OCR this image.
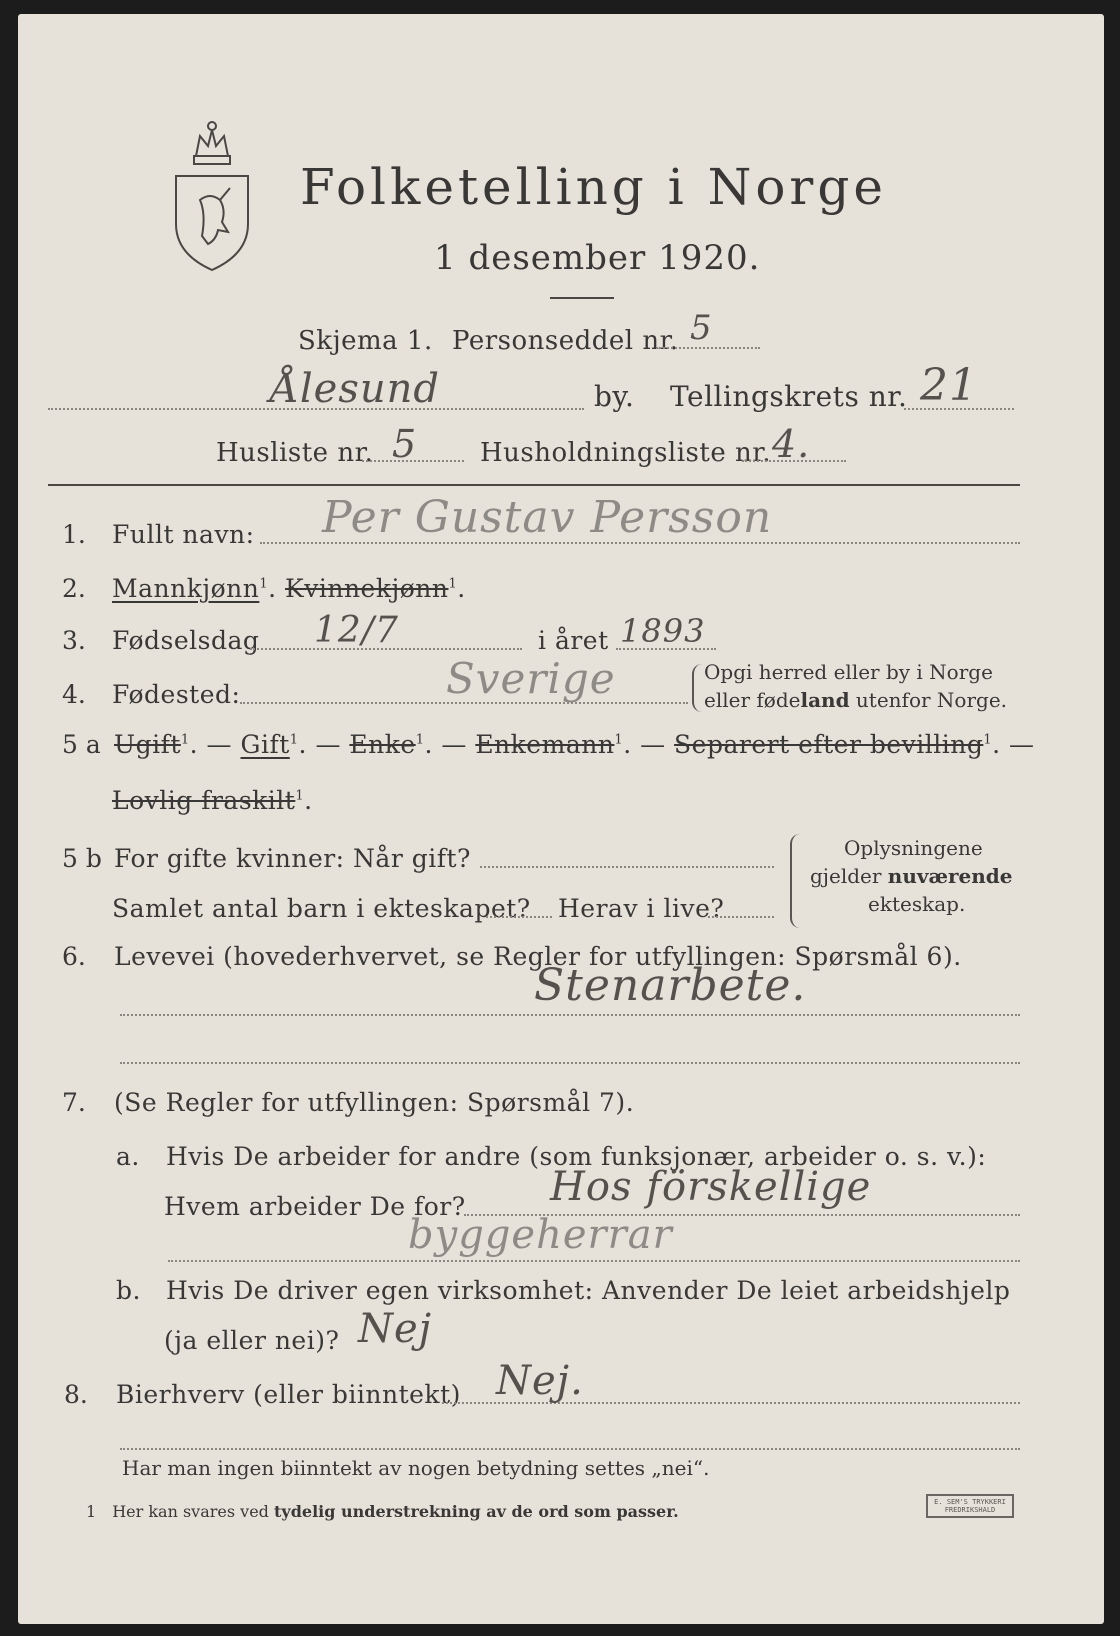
Folketelling i Norge
1 desember 1920.
Skjema 1. Personseddel nr. 5
Ålesund	by. Tellingskrets nr. 21
Husliste nr. 5 Husholdningsliste nr. 4.
1. Fullt navn: Per Gustav Persson
2. Mannkjønn$^1$. Kvinnekjønn$^1$.
3. Fødselsdag 12/7	i året 1893
4. Fødested:	Sverige	Opgi herred eller by i Norge
eller fødeland utenfor Norge.
5 a Ugift$^1$. — Gift$^1$. — Enke$^1$. — Enkemann$^1$. — Separert efter bevilling$^1$. —
Lovlig fraskilt$^1$.
5 b For gifte kvinner: Når gift?
Samlet antal barn i ekteskapet? Herav i live?
Oplysningene
gjelder nuværende
ekteskap.
6. Levevei (hovederhvervet, se Regler for utfyllingen: Spørsmål 6).
Stenarbete.
7. (Se Regler for utfyllingen: Spørsmål 7).
a. Hvis De arbeider for andre (som funksjonær, arbeider o. s. v.):
Hvem arbeider De for? Hos förskellige
byggeherrar
b. Hvis De driver egen virksomhet: Anvender De leiet arbeidshjelp
(ja eller nei)? Nej
8. Bierhverv (eller biinntekt) Nej.
Har man ingen biinntekt av nogen betydning settes „nei“.
1 Her kan svares ved tydelig understrekning av de ord som passer.	E. SEM'S TRYKKERI FREDRIKSHALD
